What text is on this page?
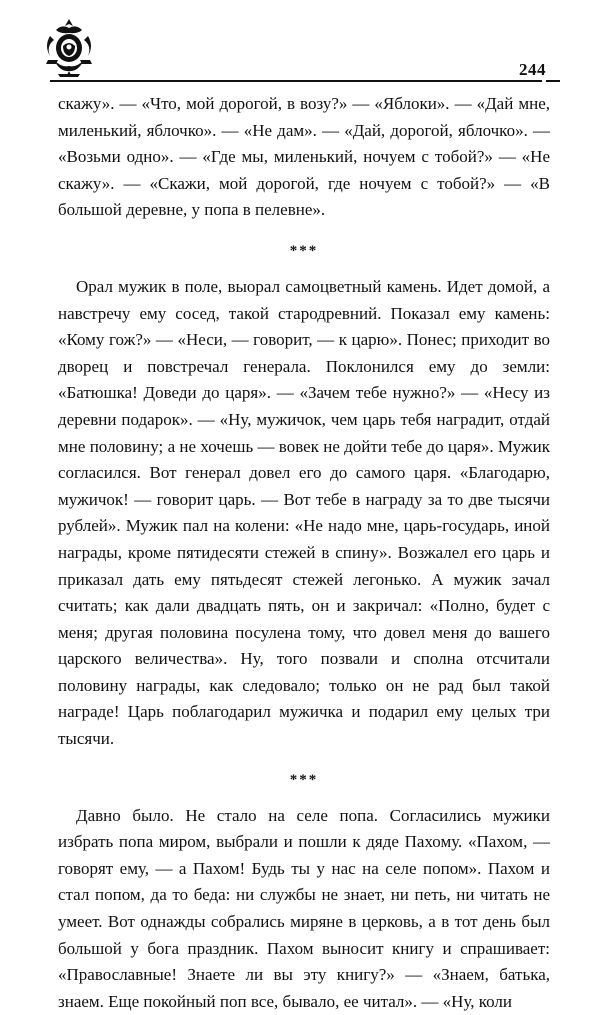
244

скажу». — «Что, мой дорогой, в возу?» — «Яблоки». — «Дай мне, миленький, яблочко». — «Не дам». — «Дай, дорогой, яблочко». — «Возьми одно». — «Где мы, миленький, ночуем с тобой?» — «Не скажу». — «Скажи, мой дорогой, где ночуем с тобой?» — «В большой деревне, у попа в пелевне».

***

Орал мужик в поле, выорал самоцветный камень. Идет домой, а навстречу ему сосед, такой стародревний. Показал ему камень: «Кому гож?» — «Неси, — говорит, — к царю». Понес; приходит во дворец и повстречал генерала. Поклонился ему до земли: «Батюшка! Доведи до царя». — «Зачем тебе нужно?» — «Несу из деревни подарок». — «Ну, мужичок, чем царь тебя наградит, отдай мне половину; а не хочешь — вовек не дойти тебе до царя». Мужик согласился. Вот генерал довел его до самого царя. «Благодарю, мужичок! — говорит царь. — Вот тебе в награду за то две тысячи рублей». Мужик пал на колени: «Не надо мне, царь-государь, иной награды, кроме пятидесяти стежей в спину». Возжалел его царь и приказал дать ему пятьдесят стежей легонько. А мужик зачал считать; как дали двадцать пять, он и закричал: «Полно, будет с меня; другая половина посулена тому, что довел меня до вашего царского величества». Ну, того позвали и сполна отсчитали половину награды, как следовало; только он не рад был такой награде! Царь поблагодарил мужичка и подарил ему целых три тысячи.

***

Давно было. Не стало на селе попа. Согласились мужики избрать попа миром, выбрали и пошли к дяде Пахому. «Пахом, — говорят ему, — а Пахом! Будь ты у нас на селе попом». Пахом и стал попом, да то беда: ни службы не знает, ни петь, ни читать не умеет. Вот однажды собрались миряне в церковь, а в тот день был большой у бога праздник. Пахом выносит книгу и спрашивает: «Православные! Знаете ли вы эту книгу?» — «Знаем, батька, знаем. Еще покойный поп все, бывало, ее читал». — «Ну, коли
